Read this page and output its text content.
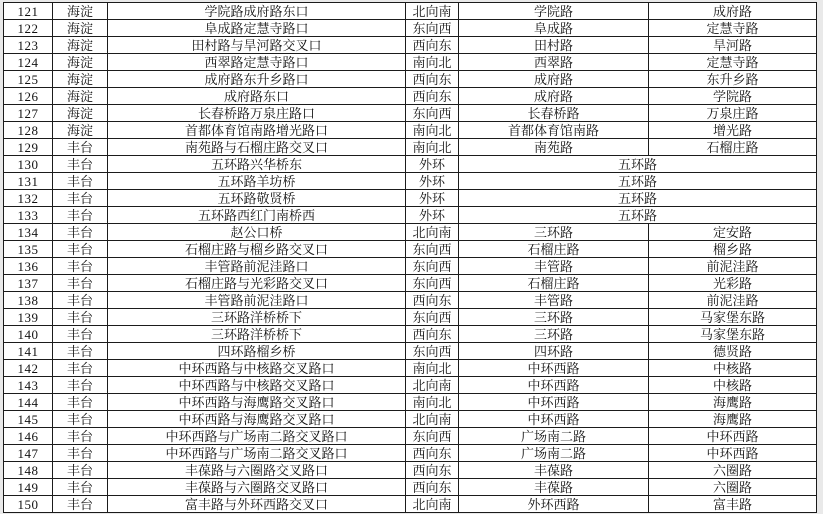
121	海淀	学院路成府路东口	北向南	学院路	成府路
122	海淀	阜成路定慧寺路口	东向西	阜成路	定慧寺路
123	海淀	田村路与旱河路交叉口	西向东	田村路	旱河路
124	海淀	西翠路定慧寺路口	南向北	西翠路	定慧寺路
125	海淀	成府路东升乡路口	西向东	成府路	东升乡路
126	海淀	成府路东口	西向东	成府路	学院路
127	海淀	长春桥路万泉庄路口	东向西	长春桥路	万泉庄路
128	海淀	首都体育馆南路增光路口	南向北	首都体育馆南路	增光路
129	丰台	南苑路与石榴庄路交叉口	南向北	南苑路	石榴庄路
130	丰台	五环路兴华桥东	外环	五环路	
131	丰台	五环路羊坊桥	外环	五环路	
132	丰台	五环路敬贤桥	外环	五环路	
133	丰台	五环路西红门南桥西	外环	五环路	
134	丰台	赵公口桥	北向南	三环路	定安路
135	丰台	石榴庄路与榴乡路交叉口	东向西	石榴庄路	榴乡路
136	丰台	丰管路前泥洼路口	东向西	丰管路	前泥洼路
137	丰台	石榴庄路与光彩路交叉口	东向西	石榴庄路	光彩路
138	丰台	丰管路前泥洼路口	西向东	丰管路	前泥洼路
139	丰台	三环路洋桥桥下	东向西	三环路	马家堡东路
140	丰台	三环路洋桥桥下	西向东	三环路	马家堡东路
141	丰台	四环路榴乡桥	东向西	四环路	德贤路
142	丰台	中环西路与中核路交叉路口	南向北	中环西路	中核路
143	丰台	中环西路与中核路交叉路口	北向南	中环西路	中核路
144	丰台	中环西路与海鹰路交叉路口	南向北	中环西路	海鹰路
145	丰台	中环西路与海鹰路交叉路口	北向南	中环西路	海鹰路
146	丰台	中环西路与广场南二路交叉路口	东向西	广场南二路	中环西路
147	丰台	中环西路与广场南二路交叉路口	西向东	广场南二路	中环西路
148	丰台	丰葆路与六圈路交叉路口	西向东	丰葆路	六圈路
149	丰台	丰葆路与六圈路交叉路口	西向东	丰葆路	六圈路
150	丰台	富丰路与外环西路交叉口	北向南	外环西路	富丰路
